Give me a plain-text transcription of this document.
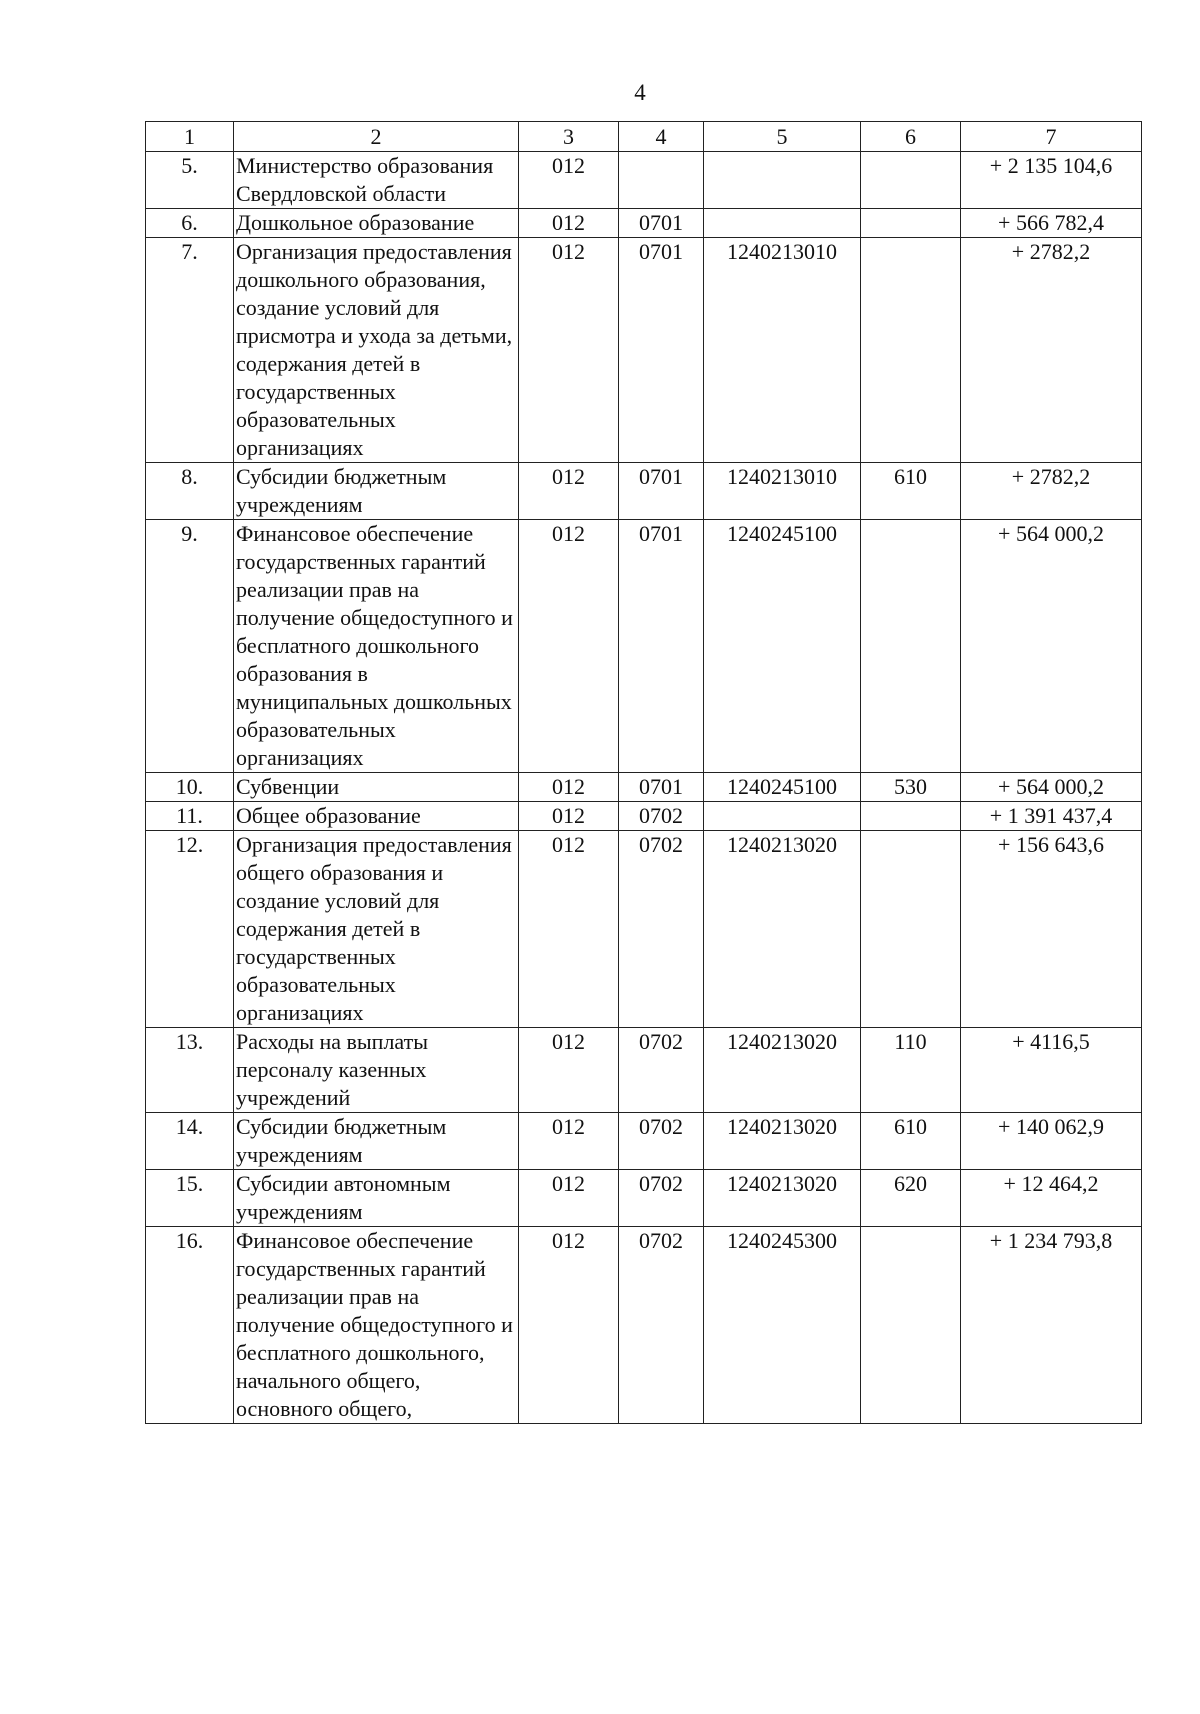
4
1	2	3	4	5	6	7
5.	Министерство образования Свердловской области	012				+ 2 135 104,6
6.	Дошкольное образование	012	0701			+ 566 782,4
7.	Организация предоставления дошкольного образования, создание условий для присмотра и ухода за детьми, содержания детей в государственных образовательных организациях	012	0701	1240213010		+ 2782,2
8.	Субсидии бюджетным учреждениям	012	0701	1240213010	610	+ 2782,2
9.	Финансовое обеспечение государственных гарантий реализации прав на получение общедоступного и бесплатного дошкольного образования в муниципальных дошкольных образовательных организациях	012	0701	1240245100		+ 564 000,2
10.	Субвенции	012	0701	1240245100	530	+ 564 000,2
11.	Общее образование	012	0702			+ 1 391 437,4
12.	Организация предоставления общего образования и создание условий для содержания детей в государственных образовательных организациях	012	0702	1240213020		+ 156 643,6
13.	Расходы на выплаты персоналу казенных учреждений	012	0702	1240213020	110	+ 4116,5
14.	Субсидии бюджетным учреждениям	012	0702	1240213020	610	+ 140 062,9
15.	Субсидии автономным учреждениям	012	0702	1240213020	620	+ 12 464,2
16.	Финансовое обеспечение государственных гарантий реализации прав на получение общедоступного и бесплатного дошкольного, начального общего, основного общего,	012	0702	1240245300		+ 1 234 793,8
